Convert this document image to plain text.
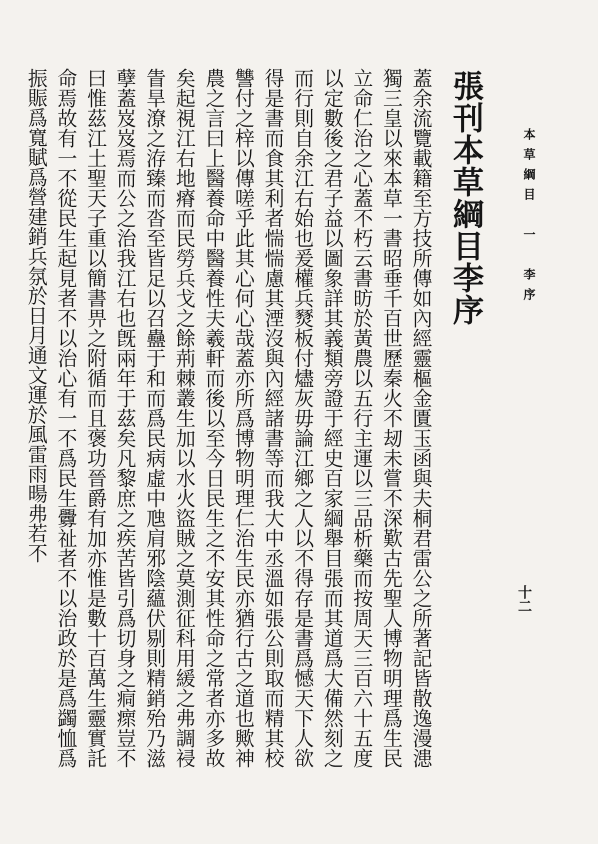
本草綱目　一　李序
十二
張刊本草綱目李序

蓋余流覽載籍至方技所傳如內經靈樞金匱玉函與夫桐君雷公之所著記皆散逸漫漶獨三皇以來本草一書昭垂千百世歷秦火不刼未嘗不深歎古先聖人博物明理爲生民立命仁治之心蓋不朽云書昉於黃農以五行主運以三品析藥而按周天三百六十五度以定數後之君子益以圖象詳其義類旁證于經史百家綱舉目張而其道爲大備然刻之而行則自余江右始也爰權兵燹板付燼灰毋論江鄉之人以不得存是書爲憾天下人欲得是書而食其利者惴惴慮其湮沒與內經諸書等而我大中丞溫如張公則取而精其校讐付之梓以傳嗟乎此其心何心哉蓋亦所爲博物明理仁治生民亦猶行古之道也歟神農之言曰上醫養命中醫養性夫羲軒而後以至今日民生之不安其性命之常者亦多故矣起視江右地瘠而民勞兵戈之餘荊棘叢生加以水火盜賊之莫測征科用緩之弗調祲眚旱潦之洊臻而沓至皆足以召蠱于和而爲民病虛中虺肩邪陰蘊伏剔則精銷殆乃滋孽蓋岌岌焉而公之治我江右也旣兩年于茲矣凡黎庶之疾苦皆引爲切身之痌瘝豈不曰惟茲江土聖天子重以簡書畀之附循而且褒功晉爵有加亦惟是數十百萬生靈實託命焉故有一不從民生起見者不以治心有一不爲民生釁祉者不以治政於是爲蠲恤爲振賑爲寬賦爲營建銷兵氛於日月通文運於風雷雨暘弗若不
